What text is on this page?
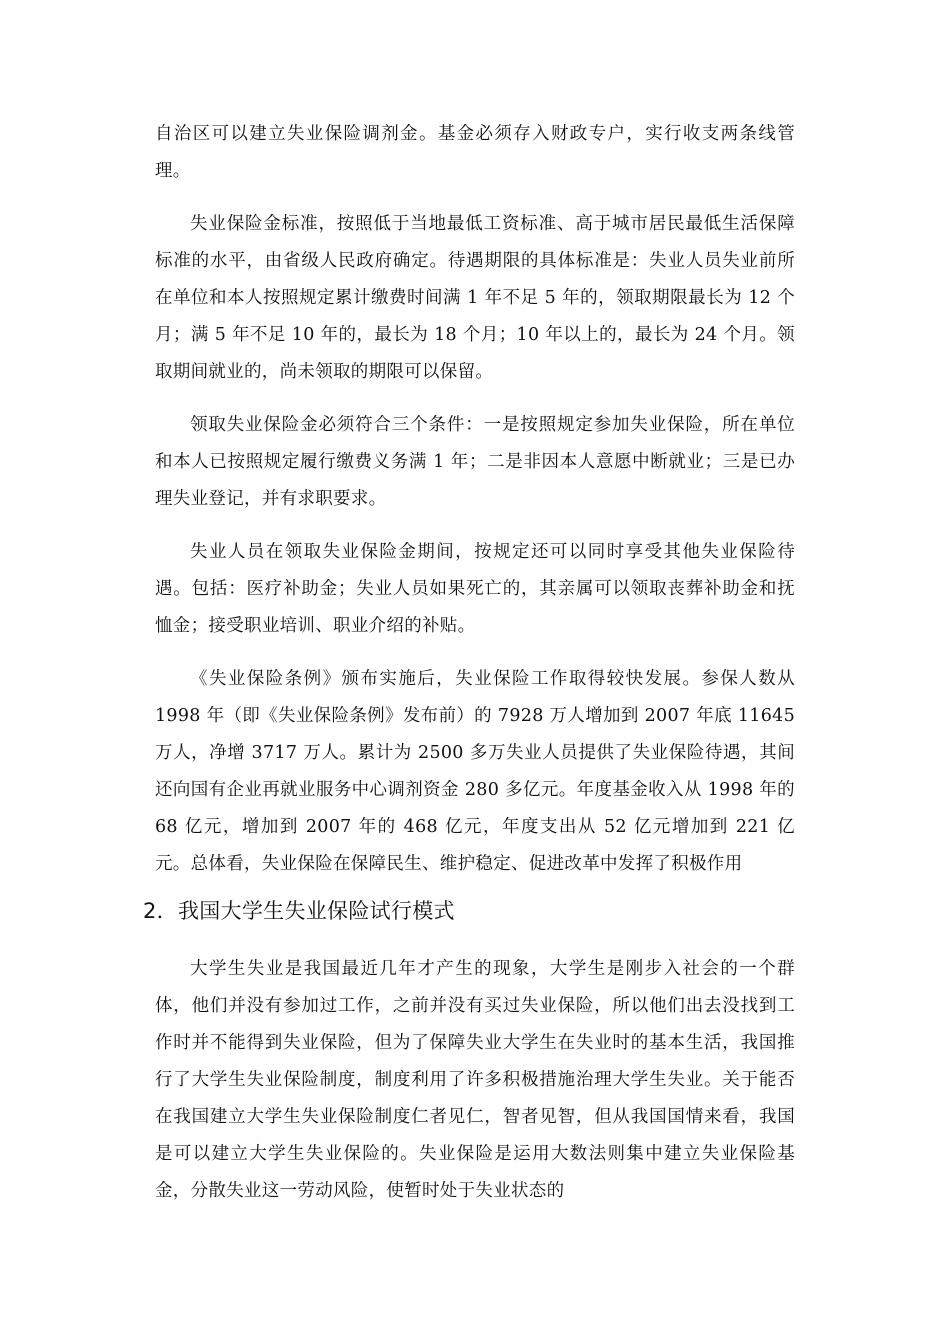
自治区可以建立失业保险调剂金。基金必须存入财政专户，实行收支两条线管理。

失业保险金标准，按照低于当地最低工资标准、高于城市居民最低生活保障标准的水平，由省级人民政府确定。待遇期限的具体标准是：失业人员失业前所在单位和本人按照规定累计缴费时间满 1 年不足 5 年的，领取期限最长为 12 个月；满 5 年不足 10 年的，最长为 18 个月；10 年以上的，最长为 24 个月。领取期间就业的，尚未领取的期限可以保留。

领取失业保险金必须符合三个条件：一是按照规定参加失业保险，所在单位和本人已按照规定履行缴费义务满 1 年；二是非因本人意愿中断就业；三是已办理失业登记，并有求职要求。

失业人员在领取失业保险金期间，按规定还可以同时享受其他失业保险待遇。包括：医疗补助金；失业人员如果死亡的，其亲属可以领取丧葬补助金和抚恤金；接受职业培训、职业介绍的补贴。

《失业保险条例》颁布实施后，失业保险工作取得较快发展。参保人数从 1998 年（即《失业保险条例》发布前）的 7928 万人增加到 2007 年底 11645 万人，净增 3717 万人。累计为 2500 多万失业人员提供了失业保险待遇，其间还向国有企业再就业服务中心调剂资金 280 多亿元。年度基金收入从 1998 年的 68 亿元，增加到 2007 年的 468 亿元，年度支出从 52 亿元增加到 221 亿元。总体看，失业保险在保障民生、维护稳定、促进改革中发挥了积极作用

2．我国大学生失业保险试行模式

大学生失业是我国最近几年才产生的现象，大学生是刚步入社会的一个群体，他们并没有参加过工作，之前并没有买过失业保险，所以他们出去没找到工作时并不能得到失业保险，但为了保障失业大学生在失业时的基本生活，我国推行了大学生失业保险制度，制度利用了许多积极措施治理大学生失业。关于能否在我国建立大学生失业保险制度仁者见仁，智者见智，但从我国国情来看，我国是可以建立大学生失业保险的。失业保险是运用大数法则集中建立失业保险基金，分散失业这一劳动风险，使暂时处于失业状态的
